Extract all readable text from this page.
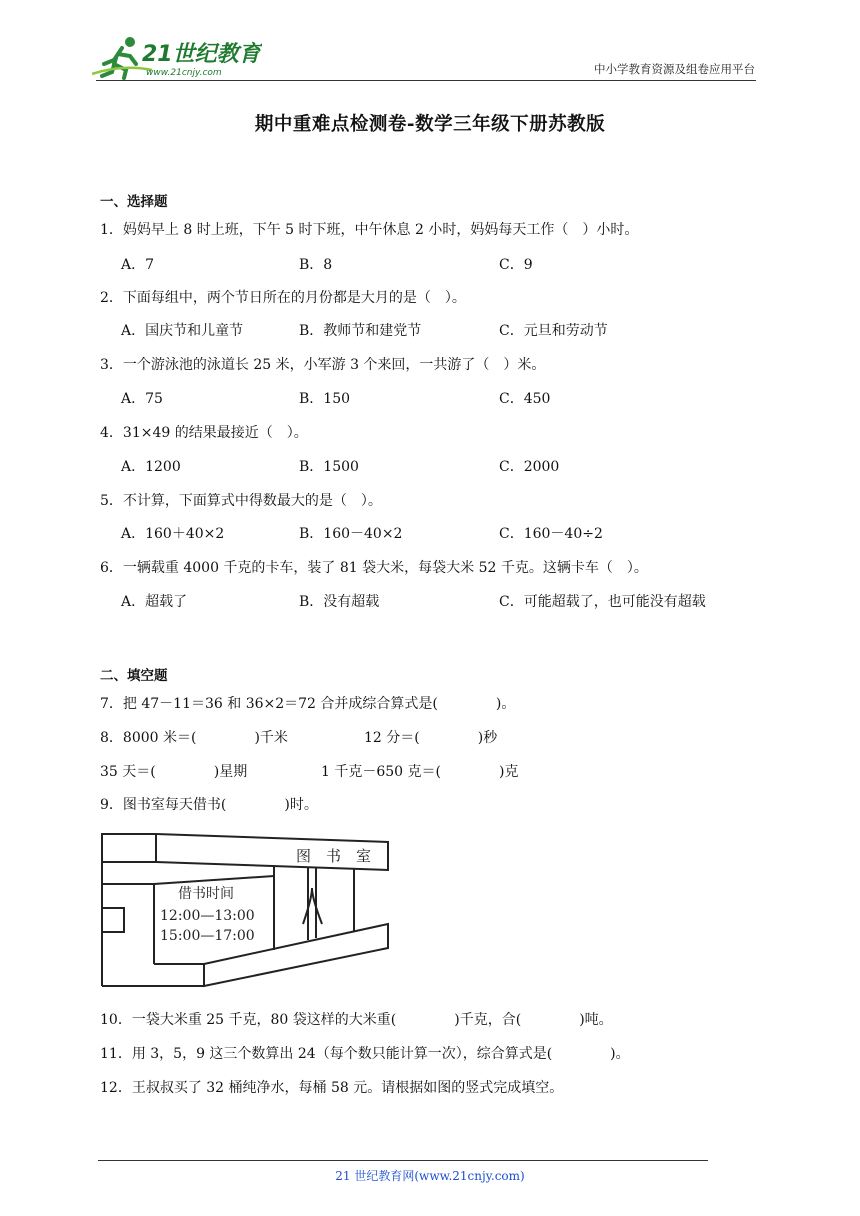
21世纪教育
www.21cnjy.com	中小学教育资源及组卷应用平台
期中重难点检测卷-数学三年级下册苏教版
一、选择题
1．妈妈早上 8 时上班，下午 5 时下班，中午休息 2 小时，妈妈每天工作（　）小时。
A．7	B．8	C．9
2．下面每组中，两个节日所在的月份都是大月的是（　）。
A．国庆节和儿童节	B．教师节和建党节	C．元旦和劳动节
3．一个游泳池的泳道长 25 米，小军游 3 个来回，一共游了（　）米。
A．75	B．150	C．450
4．31×49 的结果最接近（　）。
A．1200	B．1500	C．2000
5．不计算，下面算式中得数最大的是（　）。
A．160＋40×2	B．160－40×2	C．160－40÷2
6．一辆载重 4000 千克的卡车，装了 81 袋大米，每袋大米 52 千克。这辆卡车（　）。
A．超载了	B．没有超载	C．可能超载了，也可能没有超载
二、填空题
7．把 47－11＝36 和 36×2＝72 合并成综合算式是(	)。
8．8000 米＝(	)千米	12 分＝(	)秒
35 天＝(	)星期	1 千克－650 克＝(	)克
9．图书室每天借书(	)时。
图　书　室
借书时间
12:00—13:00
15:00—17:00
10．一袋大米重 25 千克，80 袋这样的大米重(	)千克，合(	)吨。
11．用 3，5，9 这三个数算出 24（每个数只能计算一次），综合算式是(	)。
12．王叔叔买了 32 桶纯净水，每桶 58 元。请根据如图的竖式完成填空。
21 世纪教育网(www.21cnjy.com)
